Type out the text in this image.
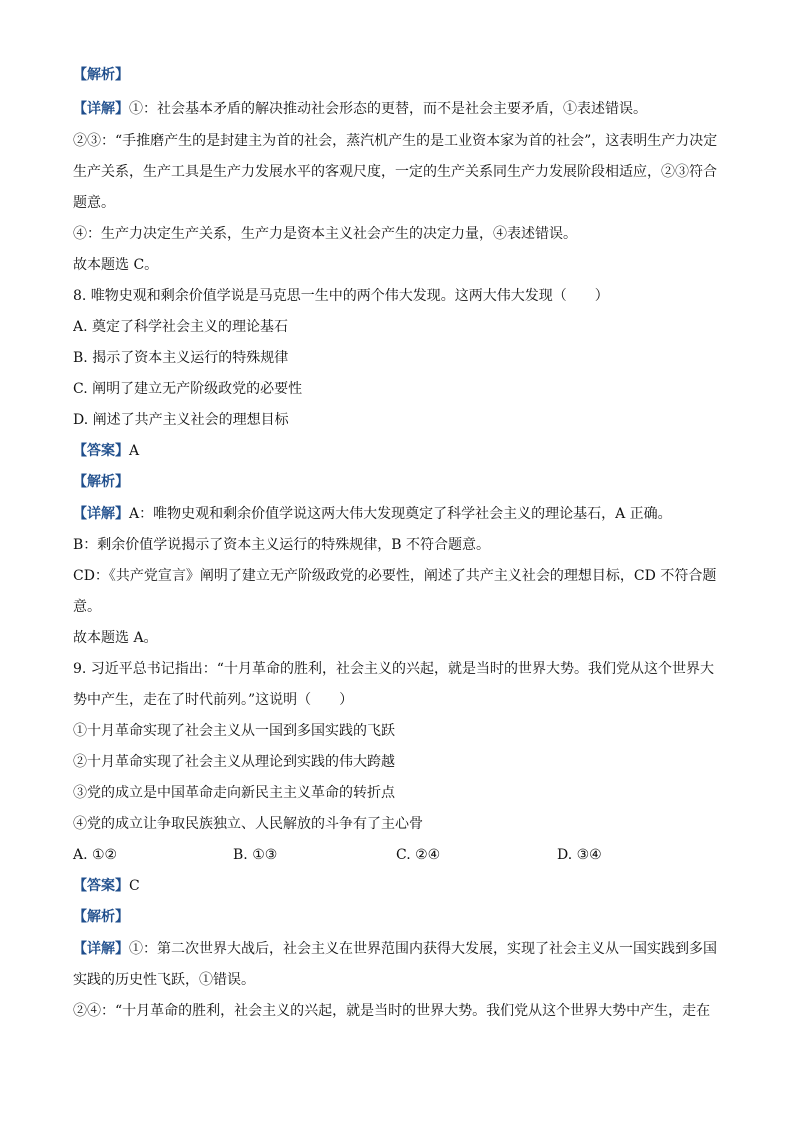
【解析】
【详解】①：社会基本矛盾的解决推动社会形态的更替，而不是社会主要矛盾，①表述错误。
②③：“手推磨产生的是封建主为首的社会，蒸汽机产生的是工业资本家为首的社会”，这表明生产力决定
生产关系，生产工具是生产力发展水平的客观尺度，一定的生产关系同生产力发展阶段相适应，②③符合
题意。
④：生产力决定生产关系，生产力是资本主义社会产生的决定力量，④表述错误。
故本题选 C。
8. 唯物史观和剩余价值学说是马克思一生中的两个伟大发现。这两大伟大发现（　　）
A. 奠定了科学社会主义的理论基石
B. 揭示了资本主义运行的特殊规律
C. 阐明了建立无产阶级政党的必要性
D. 阐述了共产主义社会的理想目标
【答案】A
【解析】
【详解】A：唯物史观和剩余价值学说这两大伟大发现奠定了科学社会主义的理论基石，A 正确。
B：剩余价值学说揭示了资本主义运行的特殊规律，B 不符合题意。
CD：《共产党宣言》阐明了建立无产阶级政党的必要性，阐述了共产主义社会的理想目标，CD 不符合题
意。
故本题选 A。
9. 习近平总书记指出：“十月革命的胜利，社会主义的兴起，就是当时的世界大势。我们党从这个世界大
势中产生，走在了时代前列。”这说明（　　）
①十月革命实现了社会主义从一国到多国实践的飞跃
②十月革命实现了社会主义从理论到实践的伟大跨越
③党的成立是中国革命走向新民主主义革命的转折点
④党的成立让争取民族独立、人民解放的斗争有了主心骨
A. ①②	B. ①③	C. ②④	D. ③④
【答案】C
【解析】
【详解】①：第二次世界大战后，社会主义在世界范围内获得大发展，实现了社会主义从一国实践到多国
实践的历史性飞跃，①错误。
②④：“十月革命的胜利，社会主义的兴起，就是当时的世界大势。我们党从这个世界大势中产生，走在
